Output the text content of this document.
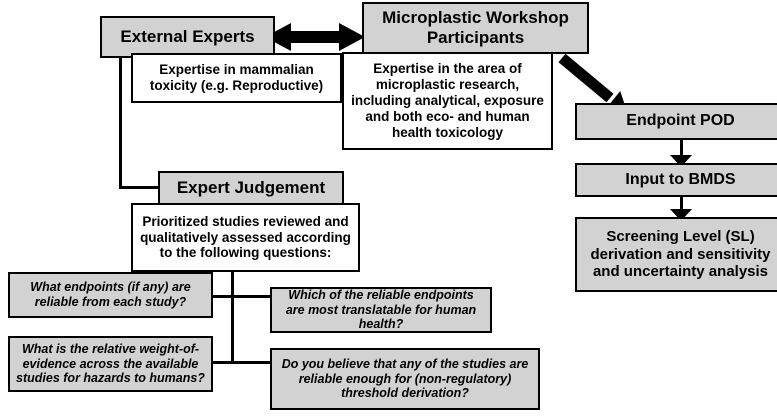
External Experts
Expertise in mammalian toxicity (e.g. Reproductive)
Microplastic Workshop Participants
Expertise in the area of microplastic research, including analytical, exposure and both eco- and human health toxicology
Expert Judgement
Prioritized studies reviewed and qualitatively assessed according to the following questions:
What endpoints (if any) are reliable from each study?
Which of the reliable endpoints are most translatable for human health?
What is the relative weight-of-evidence across the available studies for hazards to humans?
Do you believe that any of the studies are reliable enough for (non-regulatory) threshold derivation?
Endpoint POD
Input to BMDS
Screening Level (SL) derivation and sensitivity and uncertainty analysis
